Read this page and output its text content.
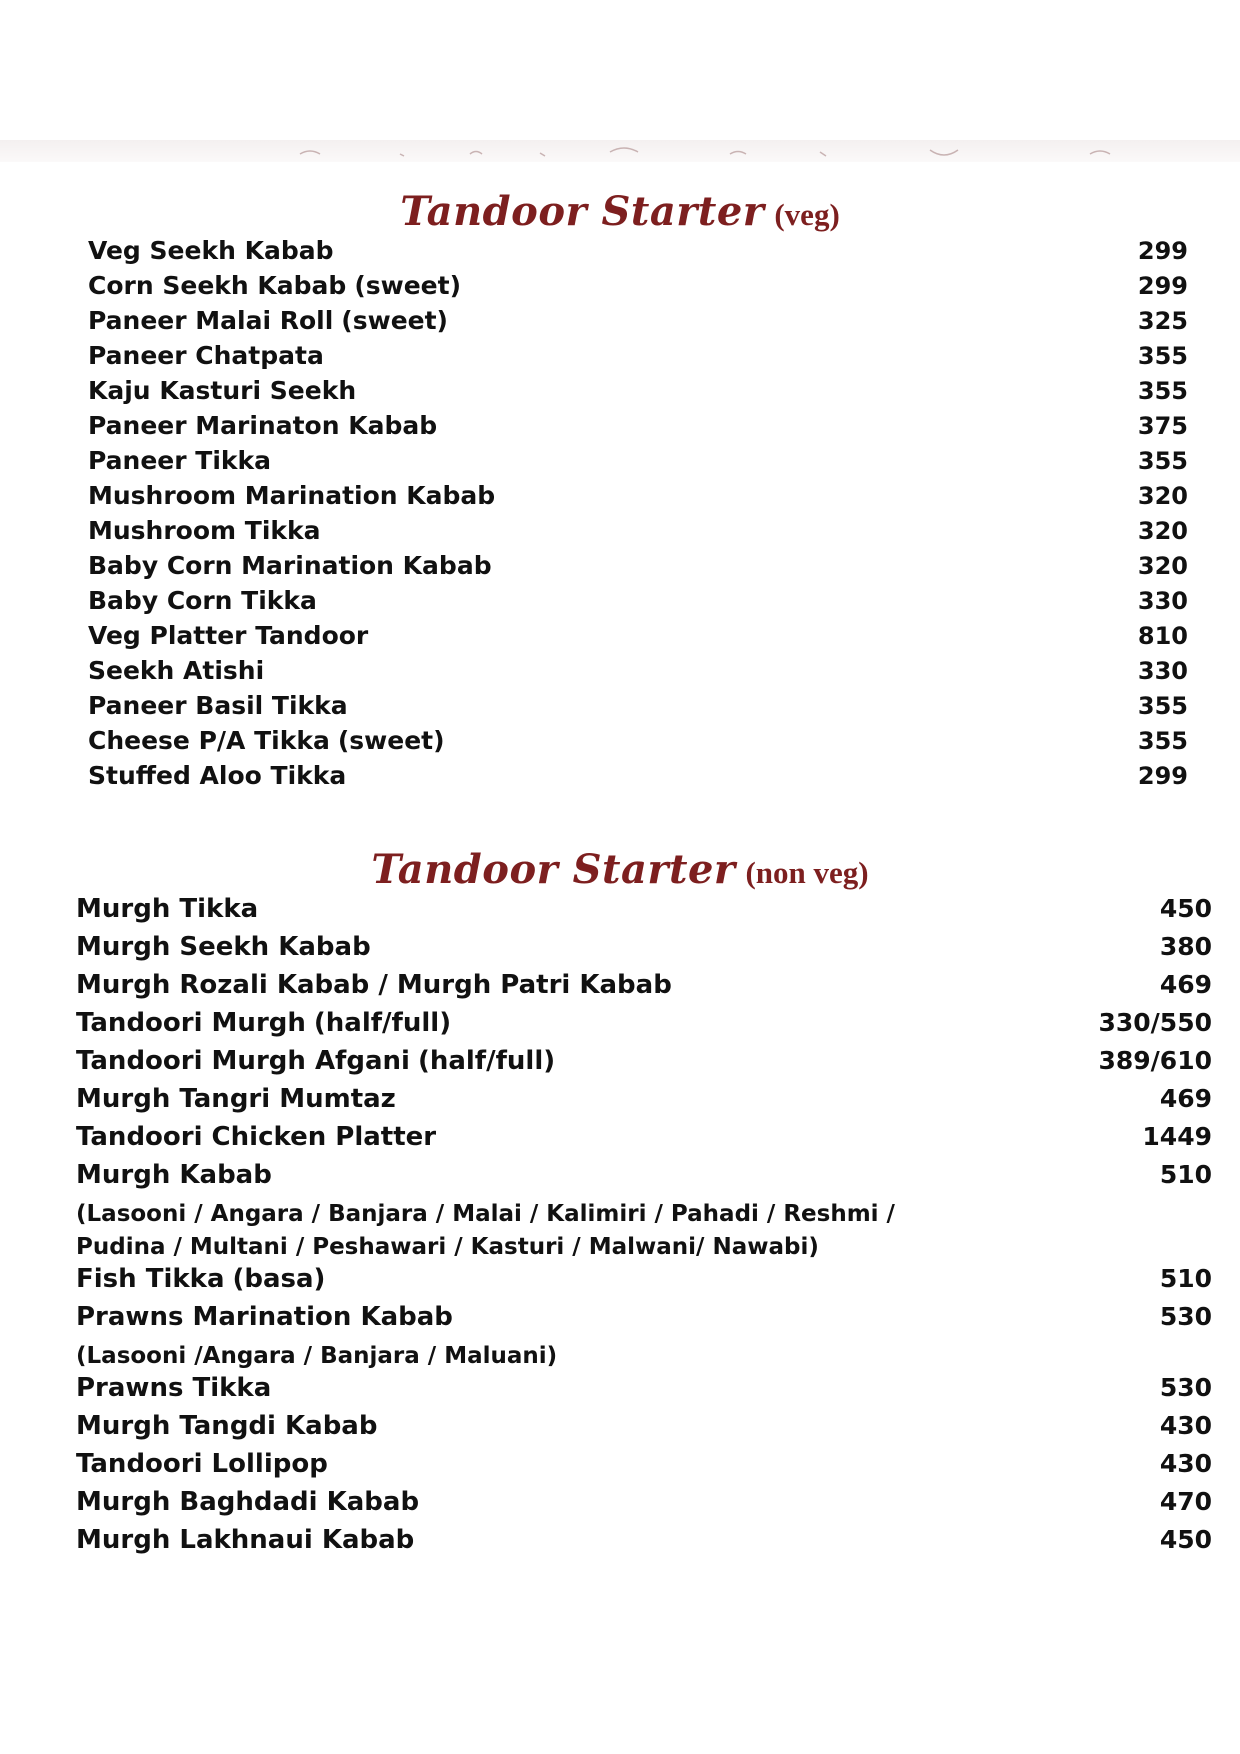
Tandoor Starter (veg)
Veg Seekh Kabab	299
Corn Seekh Kabab (sweet)	299
Paneer Malai Roll (sweet)	325
Paneer Chatpata	355
Kaju Kasturi Seekh	355
Paneer Marinaton Kabab	375
Paneer Tikka	355
Mushroom Marination Kabab	320
Mushroom Tikka	320
Baby Corn Marination Kabab	320
Baby Corn Tikka	330
Veg Platter Tandoor	810
Seekh Atishi	330
Paneer Basil Tikka	355
Cheese P/A Tikka (sweet)	355
Stuffed Aloo Tikka	299
Tandoor Starter (non veg)
Murgh Tikka	450
Murgh Seekh Kabab	380
Murgh Rozali Kabab / Murgh Patri Kabab	469
Tandoori Murgh (half/full)	330/550
Tandoori Murgh Afgani (half/full)	389/610
Murgh Tangri Mumtaz	469
Tandoori Chicken Platter	1449
Murgh Kabab	510
(Lasooni / Angara / Banjara / Malai / Kalimiri / Pahadi / Reshmi /
Pudina / Multani / Peshawari / Kasturi / Malwani/ Nawabi)
Fish Tikka (basa)	510
Prawns Marination Kabab	530
(Lasooni /Angara / Banjara / Maluani)
Prawns Tikka	530
Murgh Tangdi Kabab	430
Tandoori Lollipop	430
Murgh Baghdadi Kabab	470
Murgh Lakhnaui Kabab	450
